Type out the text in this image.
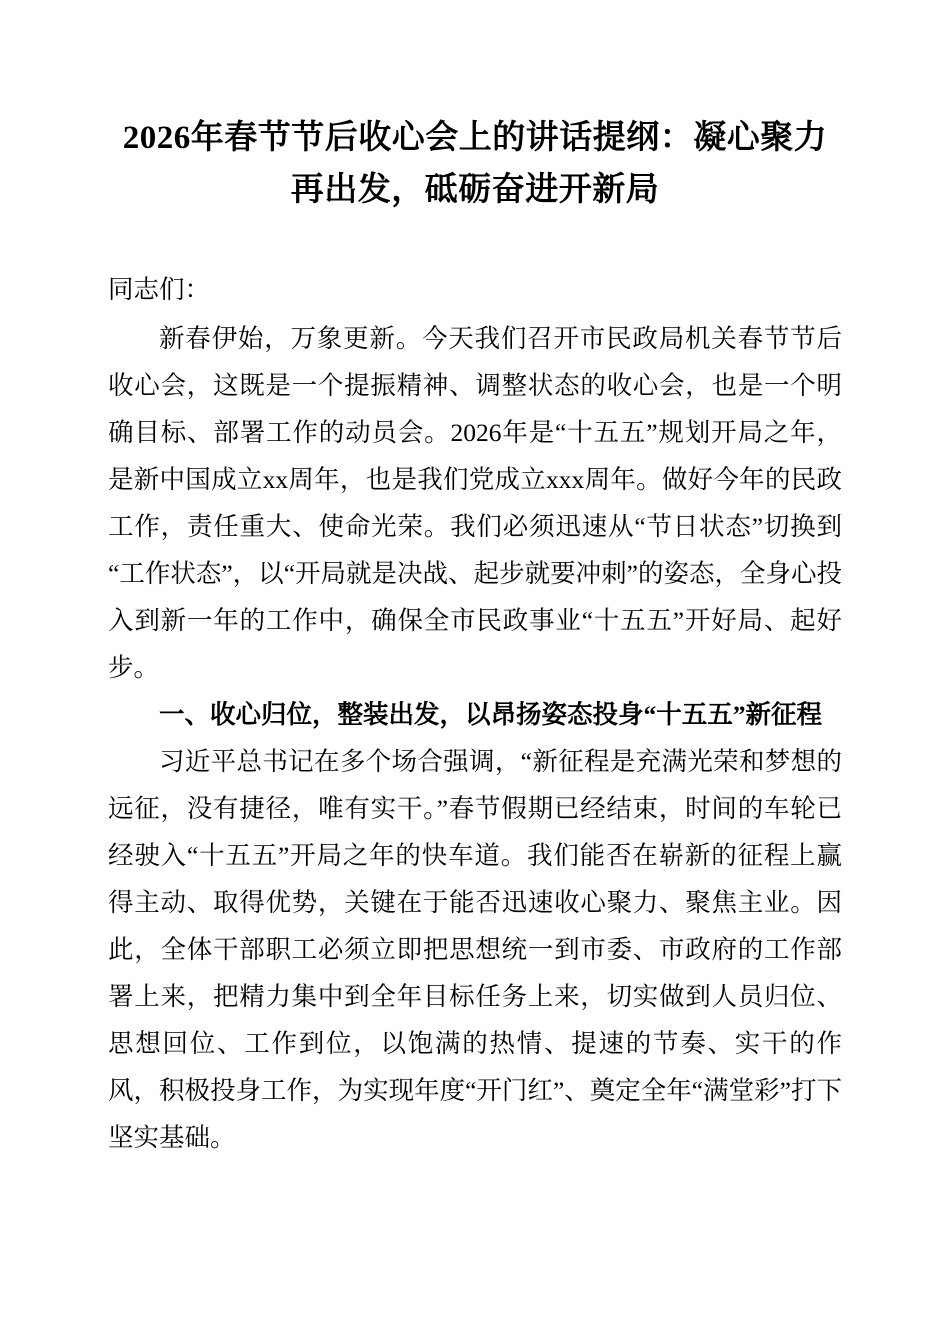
2026年春节节后收心会上的讲话提纲：凝心聚力再出发，砥砺奋进开新局
同志们：

新春伊始，万象更新。今天我们召开市民政局机关春节节后收心会，这既是一个提振精神、调整状态的收心会，也是一个明确目标、部署工作的动员会。2026年是“十五五”规划开局之年，是新中国成立xx周年，也是我们党成立xxx周年。做好今年的民政工作，责任重大、使命光荣。我们必须迅速从“节日状态”切换到“工作状态”，以“开局就是决战、起步就要冲刺”的姿态，全身心投入到新一年的工作中，确保全市民政事业“十五五”开好局、起好步。

一、收心归位，整装出发，以昂扬姿态投身“十五五”新征程

习近平总书记在多个场合强调，“新征程是充满光荣和梦想的远征，没有捷径，唯有实干。”春节假期已经结束，时间的车轮已经驶入“十五五”开局之年的快车道。我们能否在崭新的征程上赢得主动、取得优势，关键在于能否迅速收心聚力、聚焦主业。因此，全体干部职工必须立即把思想统一到市委、市政府的工作部署上来，把精力集中到全年目标任务上来，切实做到人员归位、思想回位、工作到位，以饱满的热情、提速的节奏、实干的作风，积极投身工作，为实现年度“开门红”、奠定全年“满堂彩”打下坚实基础。
